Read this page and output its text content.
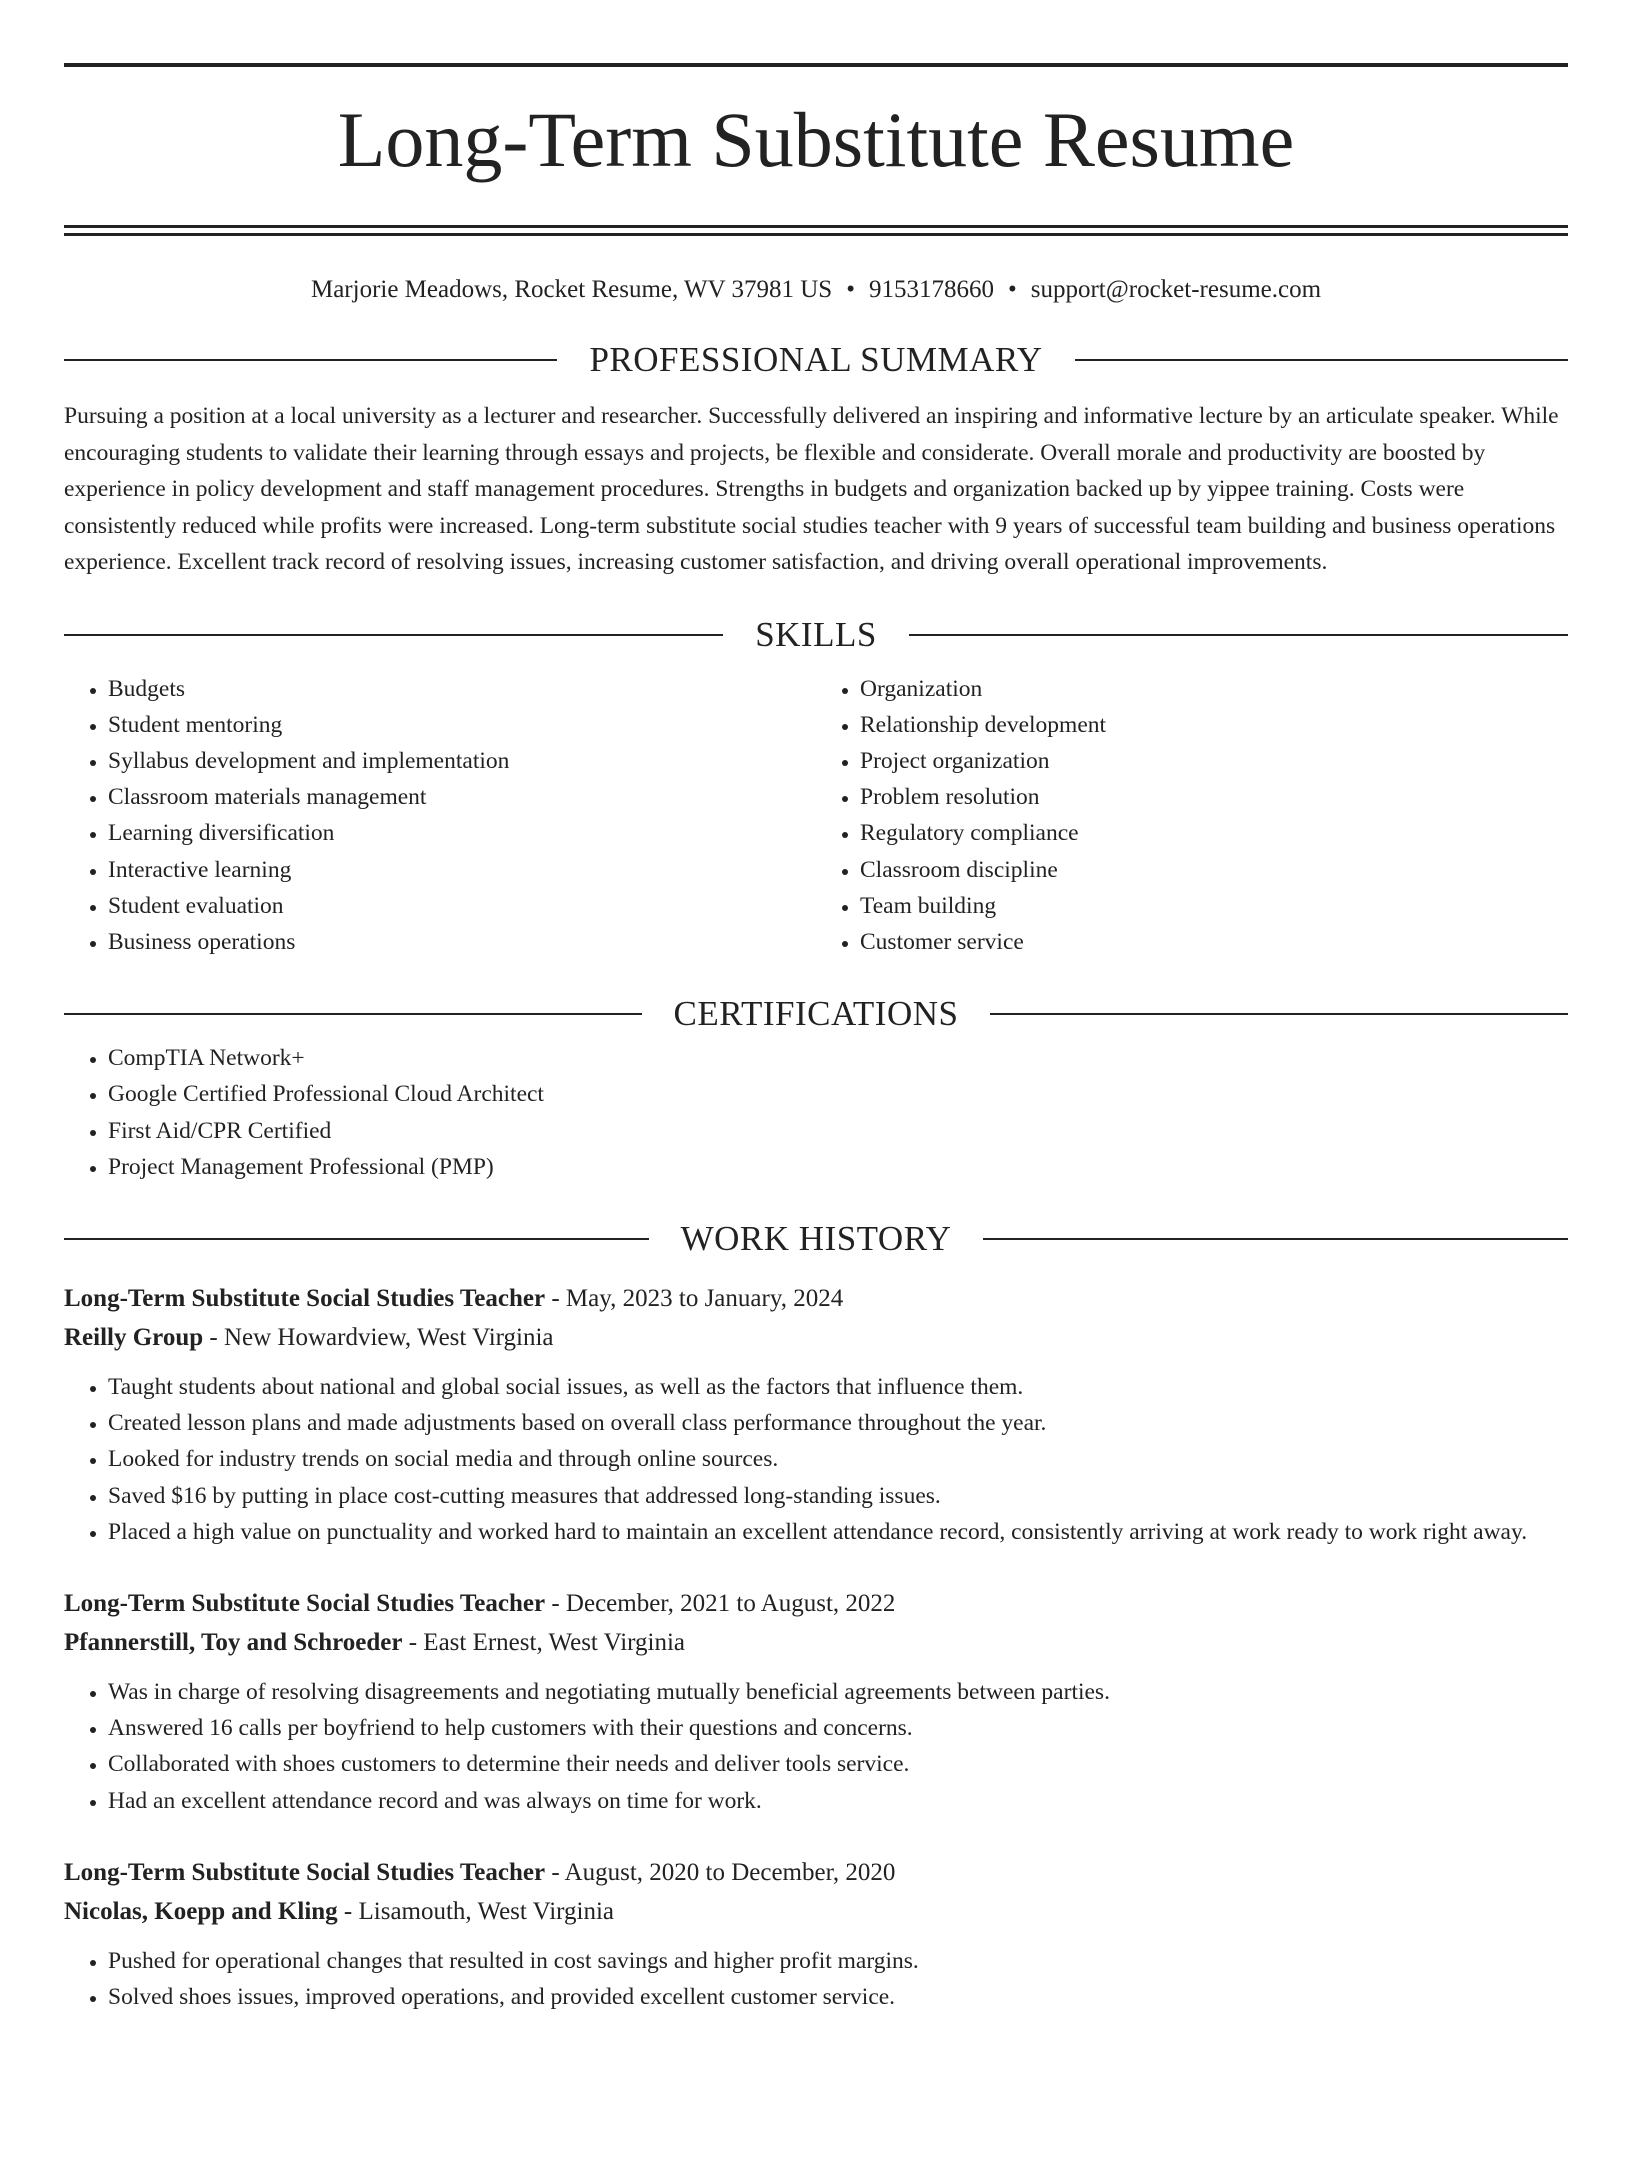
Long-Term Substitute Resume
Marjorie Meadows, Rocket Resume, WV 37981 US • 9153178660 • support@rocket-resume.com
PROFESSIONAL SUMMARY
Pursuing a position at a local university as a lecturer and researcher. Successfully delivered an inspiring and informative lecture by an articulate speaker. While encouraging students to validate their learning through essays and projects, be flexible and considerate. Overall morale and productivity are boosted by experience in policy development and staff management procedures. Strengths in budgets and organization backed up by yippee training. Costs were consistently reduced while profits were increased. Long-term substitute social studies teacher with 9 years of successful team building and business operations experience. Excellent track record of resolving issues, increasing customer satisfaction, and driving overall operational improvements.
SKILLS
• Budgets
• Student mentoring
• Syllabus development and implementation
• Classroom materials management
• Learning diversification
• Interactive learning
• Student evaluation
• Business operations
• Organization
• Relationship development
• Project organization
• Problem resolution
• Regulatory compliance
• Classroom discipline
• Team building
• Customer service
CERTIFICATIONS
• CompTIA Network+
• Google Certified Professional Cloud Architect
• First Aid/CPR Certified
• Project Management Professional (PMP)
WORK HISTORY
Long-Term Substitute Social Studies Teacher - May, 2023 to January, 2024
Reilly Group - New Howardview, West Virginia
• Taught students about national and global social issues, as well as the factors that influence them.
• Created lesson plans and made adjustments based on overall class performance throughout the year.
• Looked for industry trends on social media and through online sources.
• Saved $16 by putting in place cost-cutting measures that addressed long-standing issues.
• Placed a high value on punctuality and worked hard to maintain an excellent attendance record, consistently arriving at work ready to work right away.
Long-Term Substitute Social Studies Teacher - December, 2021 to August, 2022
Pfannerstill, Toy and Schroeder - East Ernest, West Virginia
• Was in charge of resolving disagreements and negotiating mutually beneficial agreements between parties.
• Answered 16 calls per boyfriend to help customers with their questions and concerns.
• Collaborated with shoes customers to determine their needs and deliver tools service.
• Had an excellent attendance record and was always on time for work.
Long-Term Substitute Social Studies Teacher - August, 2020 to December, 2020
Nicolas, Koepp and Kling - Lisamouth, West Virginia
• Pushed for operational changes that resulted in cost savings and higher profit margins.
• Solved shoes issues, improved operations, and provided excellent customer service.
